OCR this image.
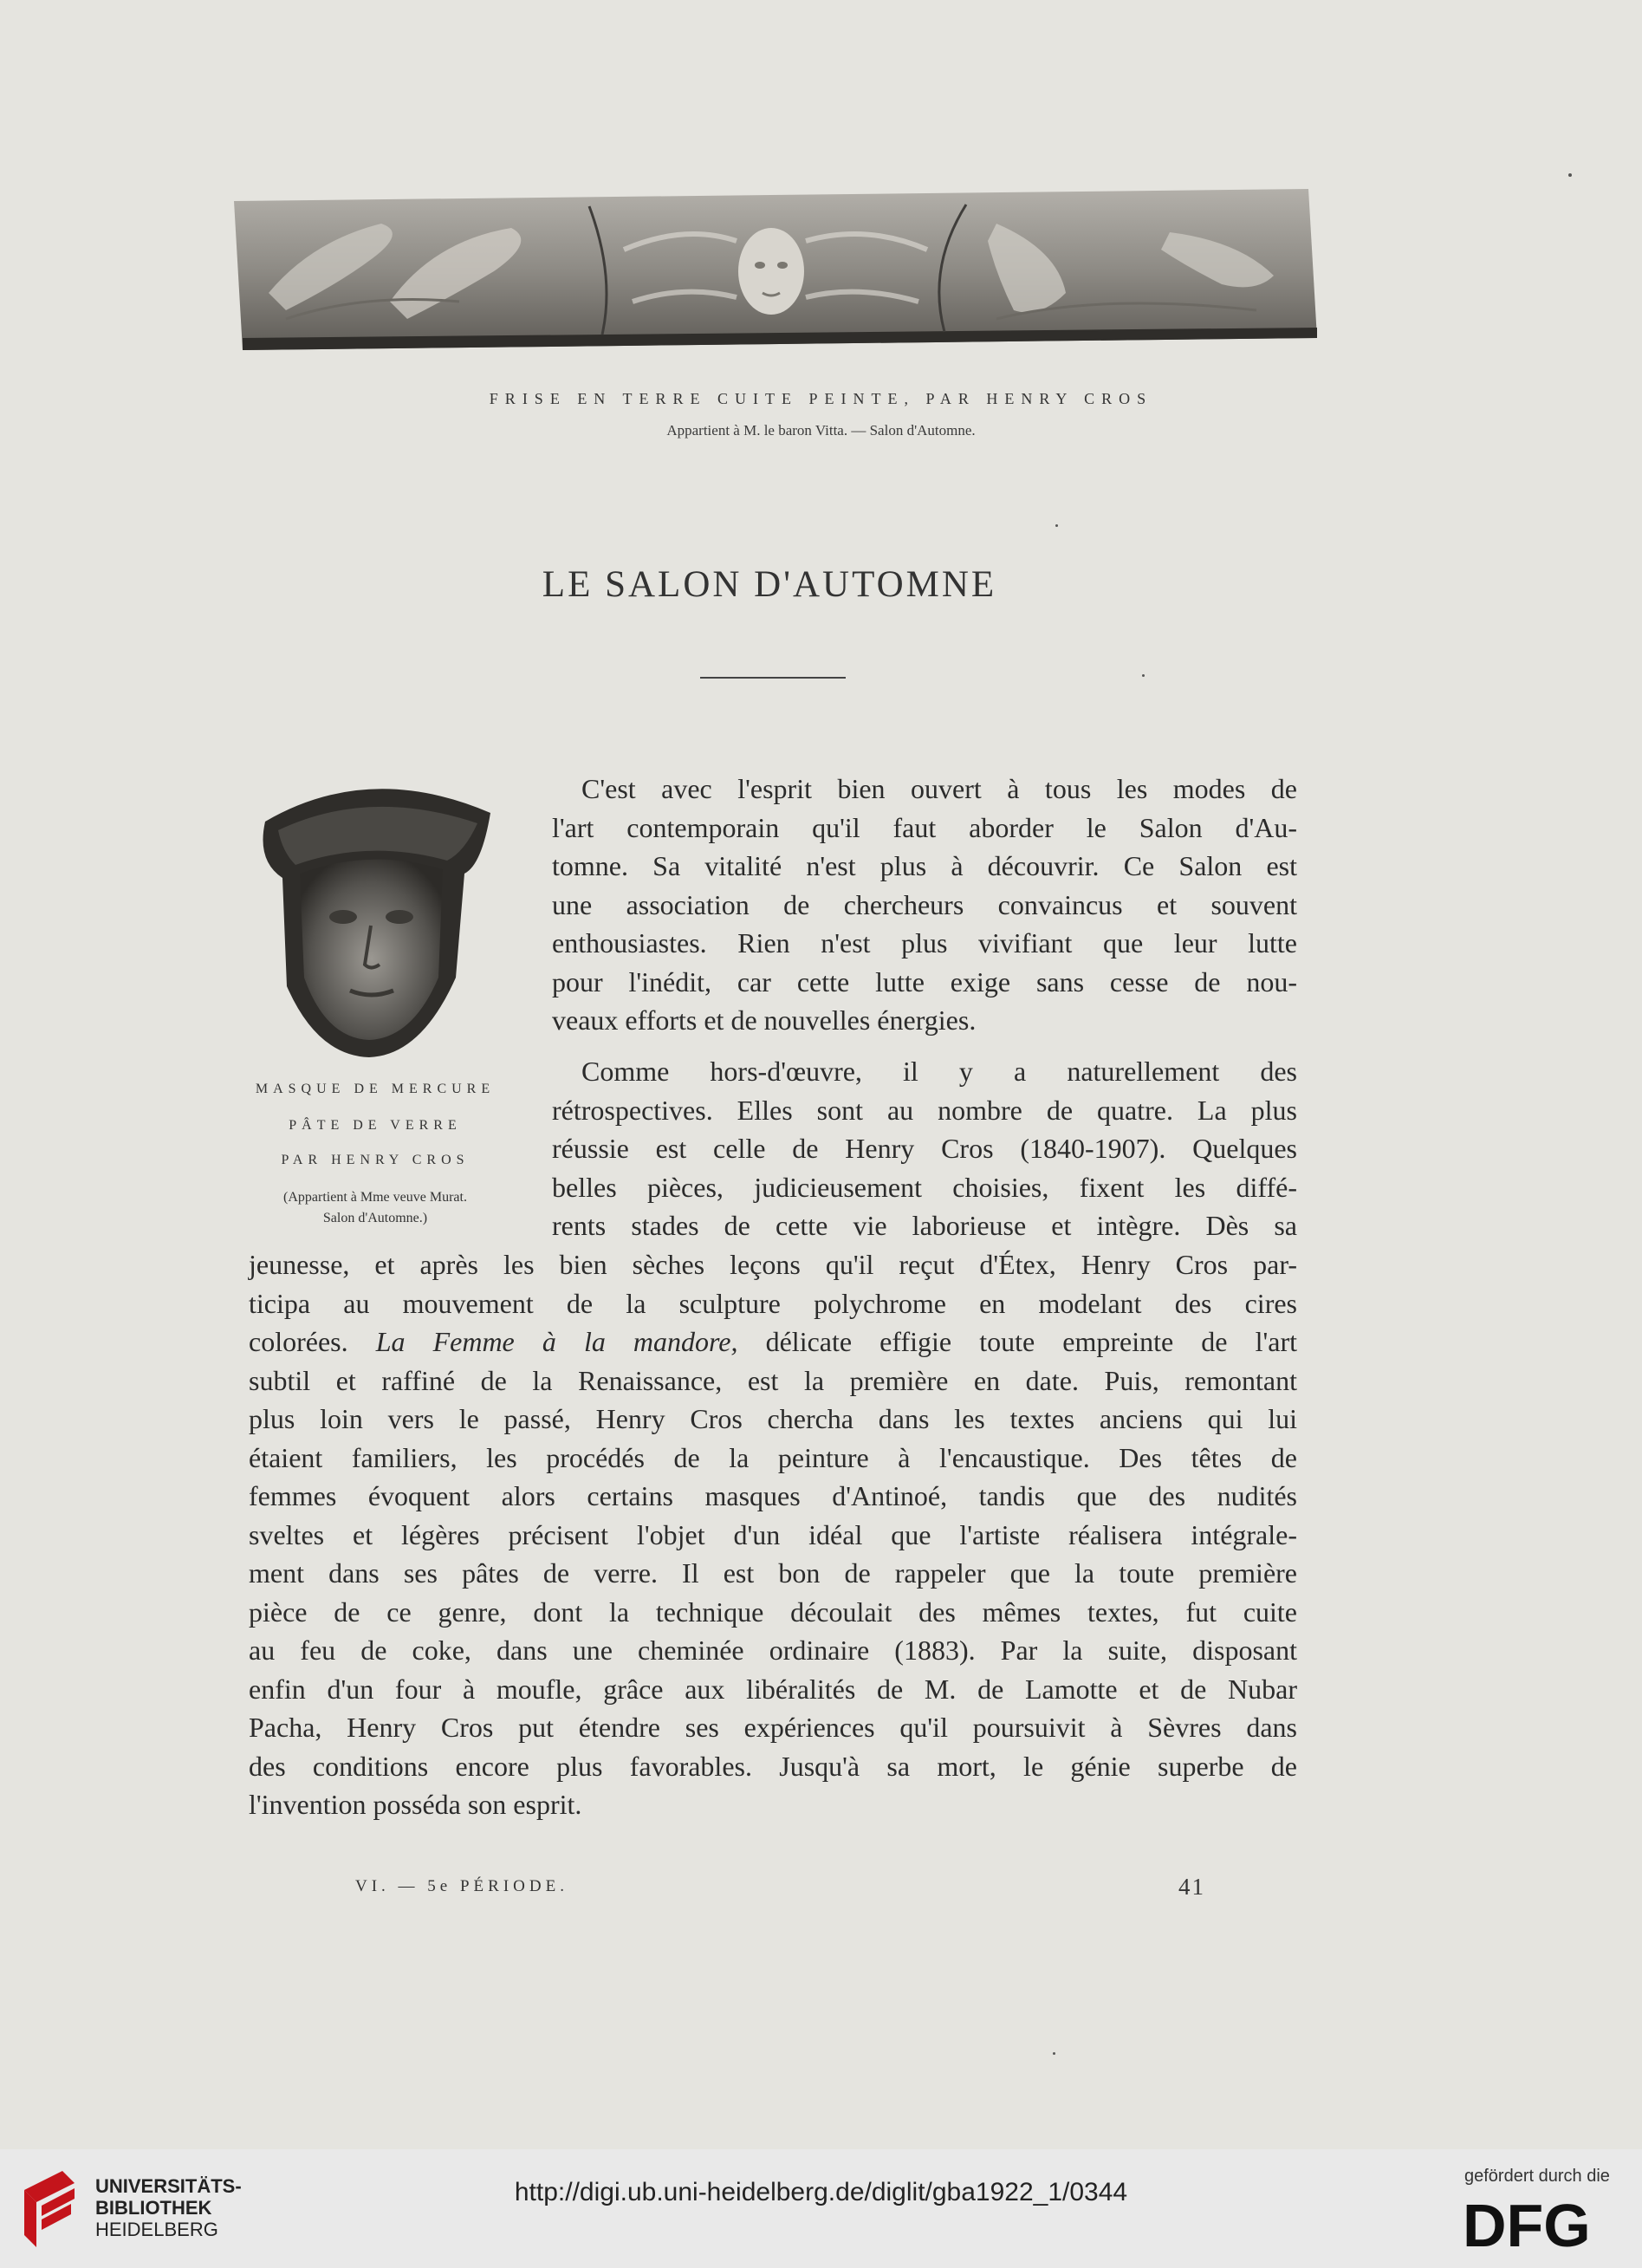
FRISE EN TERRE CUITE PEINTE, PAR HENRY CROS
Appartient à M. le baron Vitta. — Salon d'Automne.
LE SALON D'AUTOMNE
MASQUE DE MERCURE
PÂTE DE VERRE
PAR HENRY CROS
(Appartient à Mme veuve Murat.
Salon d'Automne.)
C'est avec l'esprit bien ouvert à tous les modes de
l'art contemporain qu'il faut aborder le Salon d'Au-
tomne. Sa vitalité n'est plus à découvrir. Ce Salon est
une association de chercheurs convaincus et souvent
enthousiastes. Rien n'est plus vivifiant que leur lutte
pour l'inédit, car cette lutte exige sans cesse de nou-
veaux efforts et de nouvelles énergies.
Comme hors-d'œuvre, il y a naturellement des
rétrospectives. Elles sont au nombre de quatre. La plus
réussie est celle de Henry Cros (1840-1907). Quelques
belles pièces, judicieusement choisies, fixent les diffé-
rents stades de cette vie laborieuse et intègre. Dès sa
jeunesse, et après les bien sèches leçons qu'il reçut d'Étex, Henry Cros par-
ticipa au mouvement de la sculpture polychrome en modelant des cires
colorées. La Femme à la mandore, délicate effigie toute empreinte de l'art
subtil et raffiné de la Renaissance, est la première en date. Puis, remontant
plus loin vers le passé, Henry Cros chercha dans les textes anciens qui lui
étaient familiers, les procédés de la peinture à l'encaustique. Des têtes de
femmes évoquent alors certains masques d'Antinoé, tandis que des nudités
sveltes et légères précisent l'objet d'un idéal que l'artiste réalisera intégrale-
ment dans ses pâtes de verre. Il est bon de rappeler que la toute première
pièce de ce genre, dont la technique découlait des mêmes textes, fut cuite
au feu de coke, dans une cheminée ordinaire (1883). Par la suite, disposant
enfin d'un four à moufle, grâce aux libéralités de M. de Lamotte et de Nubar
Pacha, Henry Cros put étendre ses expériences qu'il poursuivit à Sèvres dans
des conditions encore plus favorables. Jusqu'à sa mort, le génie superbe de
l'invention posséda son esprit.
VI. — 5e PÉRIODE.	41
UNIVERSITÄTS-
BIBLIOTHEK
HEIDELBERG
http://digi.ub.uni-heidelberg.de/diglit/gba1922_1/0344
gefördert durch die
DFG
